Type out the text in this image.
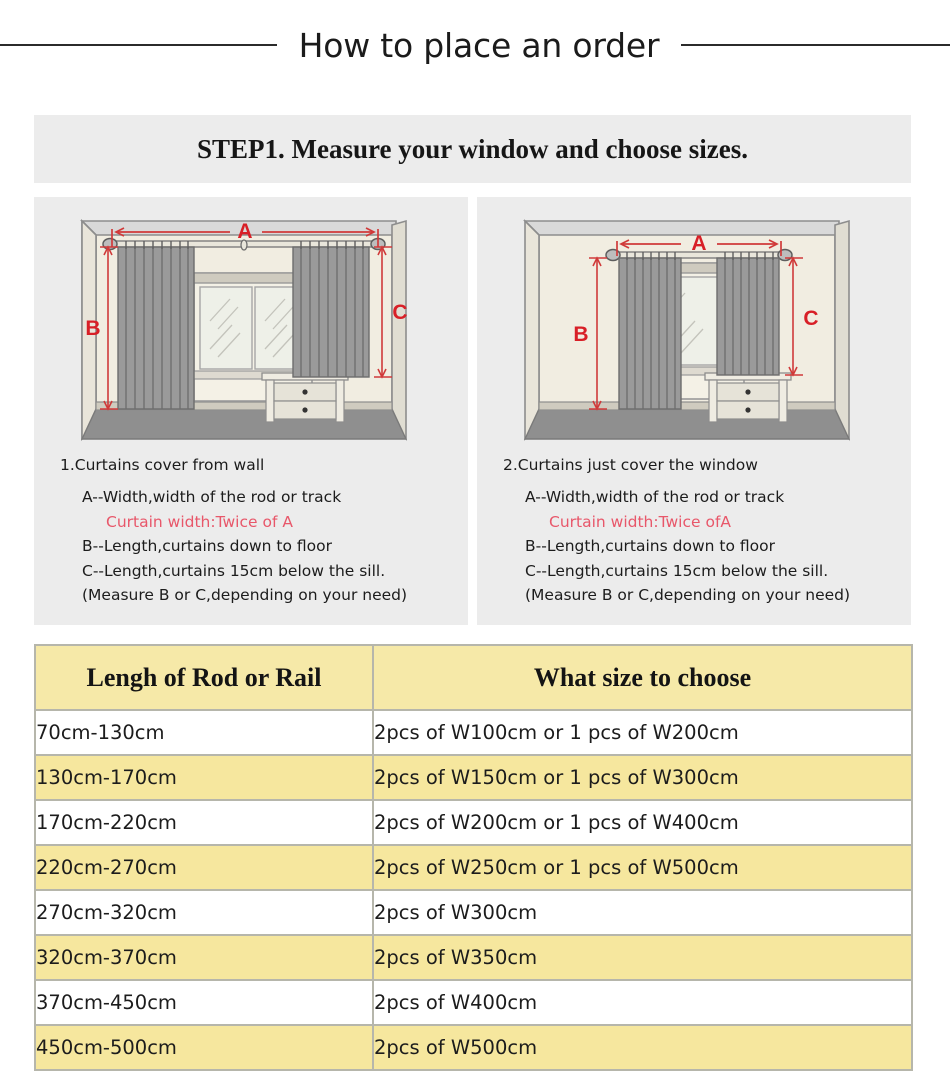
How to place an order
STEP1. Measure your window and choose sizes.
A
B
C
1.Curtains cover from wall
A--Width,width of the rod or track
Curtain width:Twice of A
B--Length,curtains down to floor
C--Length,curtains 15cm below the sill.
(Measure B or C,depending on your need)
A
B
C
2.Curtains just cover the window
A--Width,width of the rod or track
Curtain width:Twice ofA
B--Length,curtains down to floor
C--Length,curtains 15cm below the sill.
(Measure B or C,depending on your need)
Lengh of Rod or Rail	What size to choose
70cm-130cm	2pcs of W100cm or 1 pcs of W200cm
130cm-170cm	2pcs of W150cm or 1 pcs of W300cm
170cm-220cm	2pcs of W200cm or 1 pcs of W400cm
220cm-270cm	2pcs of W250cm or 1 pcs of W500cm
270cm-320cm	2pcs of W300cm
320cm-370cm	2pcs of W350cm
370cm-450cm	2pcs of W400cm
450cm-500cm	2pcs of W500cm
